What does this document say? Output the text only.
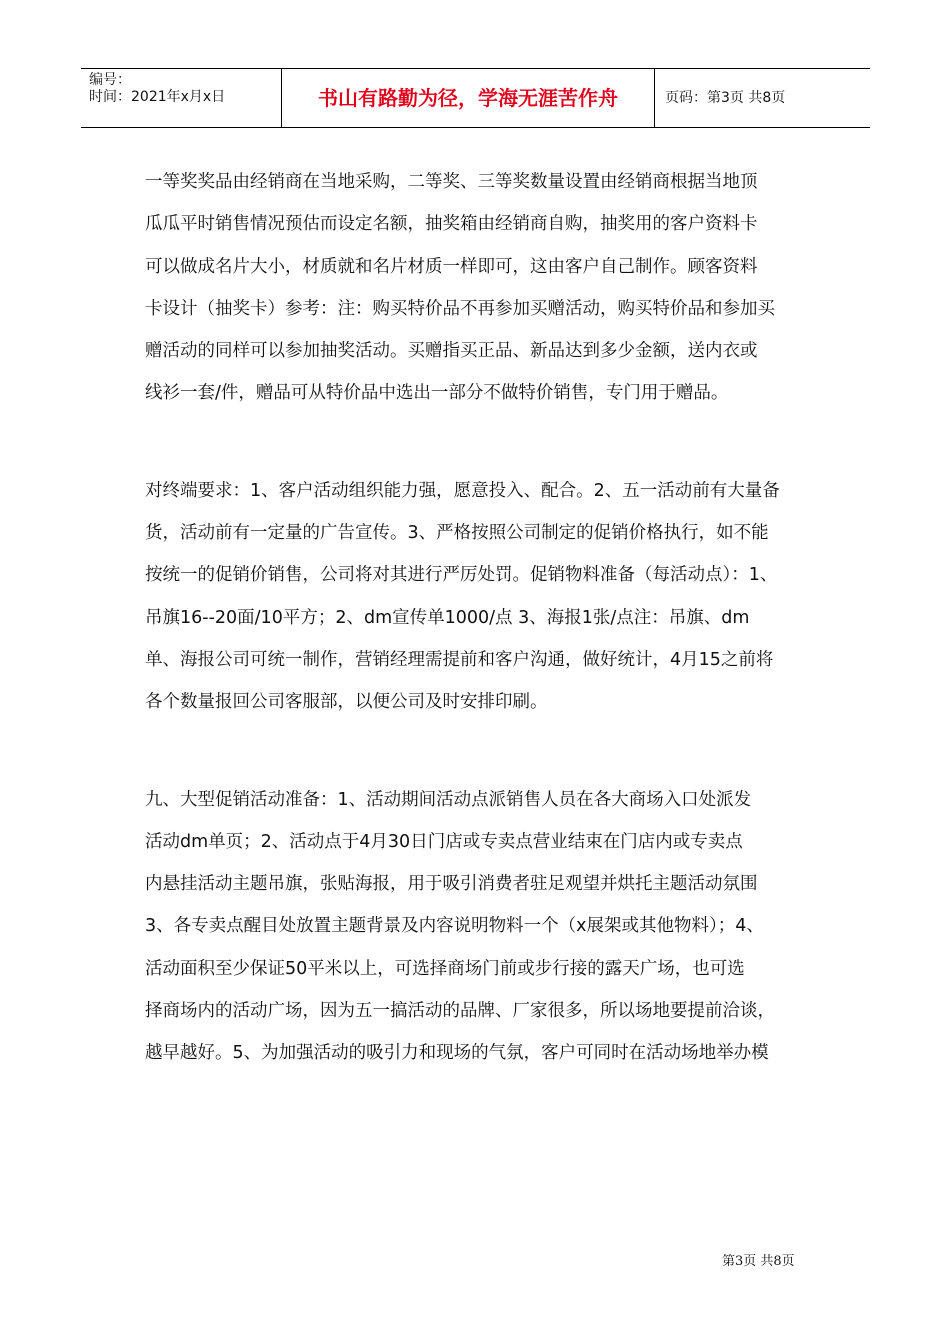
编号：
时间：2021年x月x日	书山有路勤为径，学海无涯苦作舟	页码：第3页 共8页
一等奖奖品由经销商在当地采购，二等奖、三等奖数量设置由经销商根据当地顶
瓜瓜平时销售情况预估而设定名额，抽奖箱由经销商自购，抽奖用的客户资料卡
可以做成名片大小，材质就和名片材质一样即可，这由客户自己制作。顾客资料
卡设计（抽奖卡）参考：注：购买特价品不再参加买赠活动，购买特价品和参加买
赠活动的同样可以参加抽奖活动。买赠指买正品、新品达到多少金额，送内衣或
线衫一套/件，赠品可从特价品中选出一部分不做特价销售，专门用于赠品。
对终端要求：1、客户活动组织能力强，愿意投入、配合。2、五一活动前有大量备
货，活动前有一定量的广告宣传。3、严格按照公司制定的促销价格执行，如不能
按统一的促销价销售，公司将对其进行严厉处罚。促销物料准备（每活动点）：1、
吊旗16--20面/10平方；2、dm宣传单1000/点 3、海报1张/点注：吊旗、dm
单、海报公司可统一制作，营销经理需提前和客户沟通，做好统计，4月15之前将
各个数量报回公司客服部，以便公司及时安排印刷。
九、大型促销活动准备：1、活动期间活动点派销售人员在各大商场入口处派发
活动dm单页；2、活动点于4月30日门店或专卖点营业结束在门店内或专卖点
内悬挂活动主题吊旗，张贴海报，用于吸引消费者驻足观望并烘托主题活动氛围
3、各专卖点醒目处放置主题背景及内容说明物料一个（x展架或其他物料）；4、
活动面积至少保证50平米以上，可选择商场门前或步行接的露天广场，也可选
择商场内的活动广场，因为五一搞活动的品牌、厂家很多，所以场地要提前洽谈，
越早越好。5、为加强活动的吸引力和现场的气氛，客户可同时在活动场地举办模
第3页 共8页
